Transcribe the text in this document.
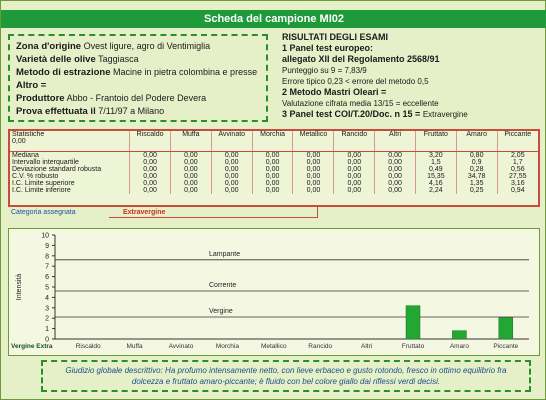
Scheda del campione MI02
Zona d'origine Ovest ligure, agro di Ventimiglia
Varietà delle olive Taggiasca
Metodo di estrazione Macine in pietra colombina e presse
Altro =
Produttore Abbo - Frantoio del Podere Devera
Prova effettuata il 7/11/97 a Milano
RISULTATI DEGLI ESAMI
1 Panel test europeo:
allegato XII del Regolamento 2568/91
Punteggio su 9 = 7,83/9
Errore tipico 0,23 < errore del metodo 0,5
2 Metodo Mastri Oleari =
Valutazione cifrata media 13/15 = eccellente
3 Panel test COI/T.20/Doc. n 15 = Extravergine
Statistiche
0,00	Riscaldo	Muffa	Avvinato	Morchia	Metallico	Rancido	Altri	Fruttato	Amaro	Piccante
Mediana	0,00	0,00	0,00	0,00	0,00	0,00	0,00	3,20	0,80	2,05
Intervallo interquartile	0,00	0,00	0,00	0,00	0,00	0,00	0,00	1,5	0,9	1,7
Deviazione standard robusta	0,00	0,00	0,00	0,00	0,00	0,00	0,00	0,49	0,28	0,56
C.V. % robusto	0,00	0,00	0,00	0,00	0,00	0,00	0,00	15,35	34,78	27,55
I.C. Limite superiore	0,00	0,00	0,00	0,00	0,00	0,00	0,00	4,16	1,35	3,16
I.C. Limite inferiore	0,00	0,00	0,00	0,00	0,00	0,00	0,00	2,24	0,25	0,94
Categoria assegnata	Extravergine
0
1
2
3
4
5
6
7
8
9
10
Intensità
Lampante
Corrente
Vergine
Riscaldo	Muffa	Avvinato	Morchia	Metallico	Rancido	Altri	Fruttato	Amaro	Piccante
Vergine Extra
Giudizio globale descrittivo: Ha profumo intensamente netto, con lieve erbaceo e gusto rotondo, fresco in ottimo equilibrio fra dolcezza e fruttato amaro-piccante; è fluido con bel colore giallo dai riflessi verdi decisi.
